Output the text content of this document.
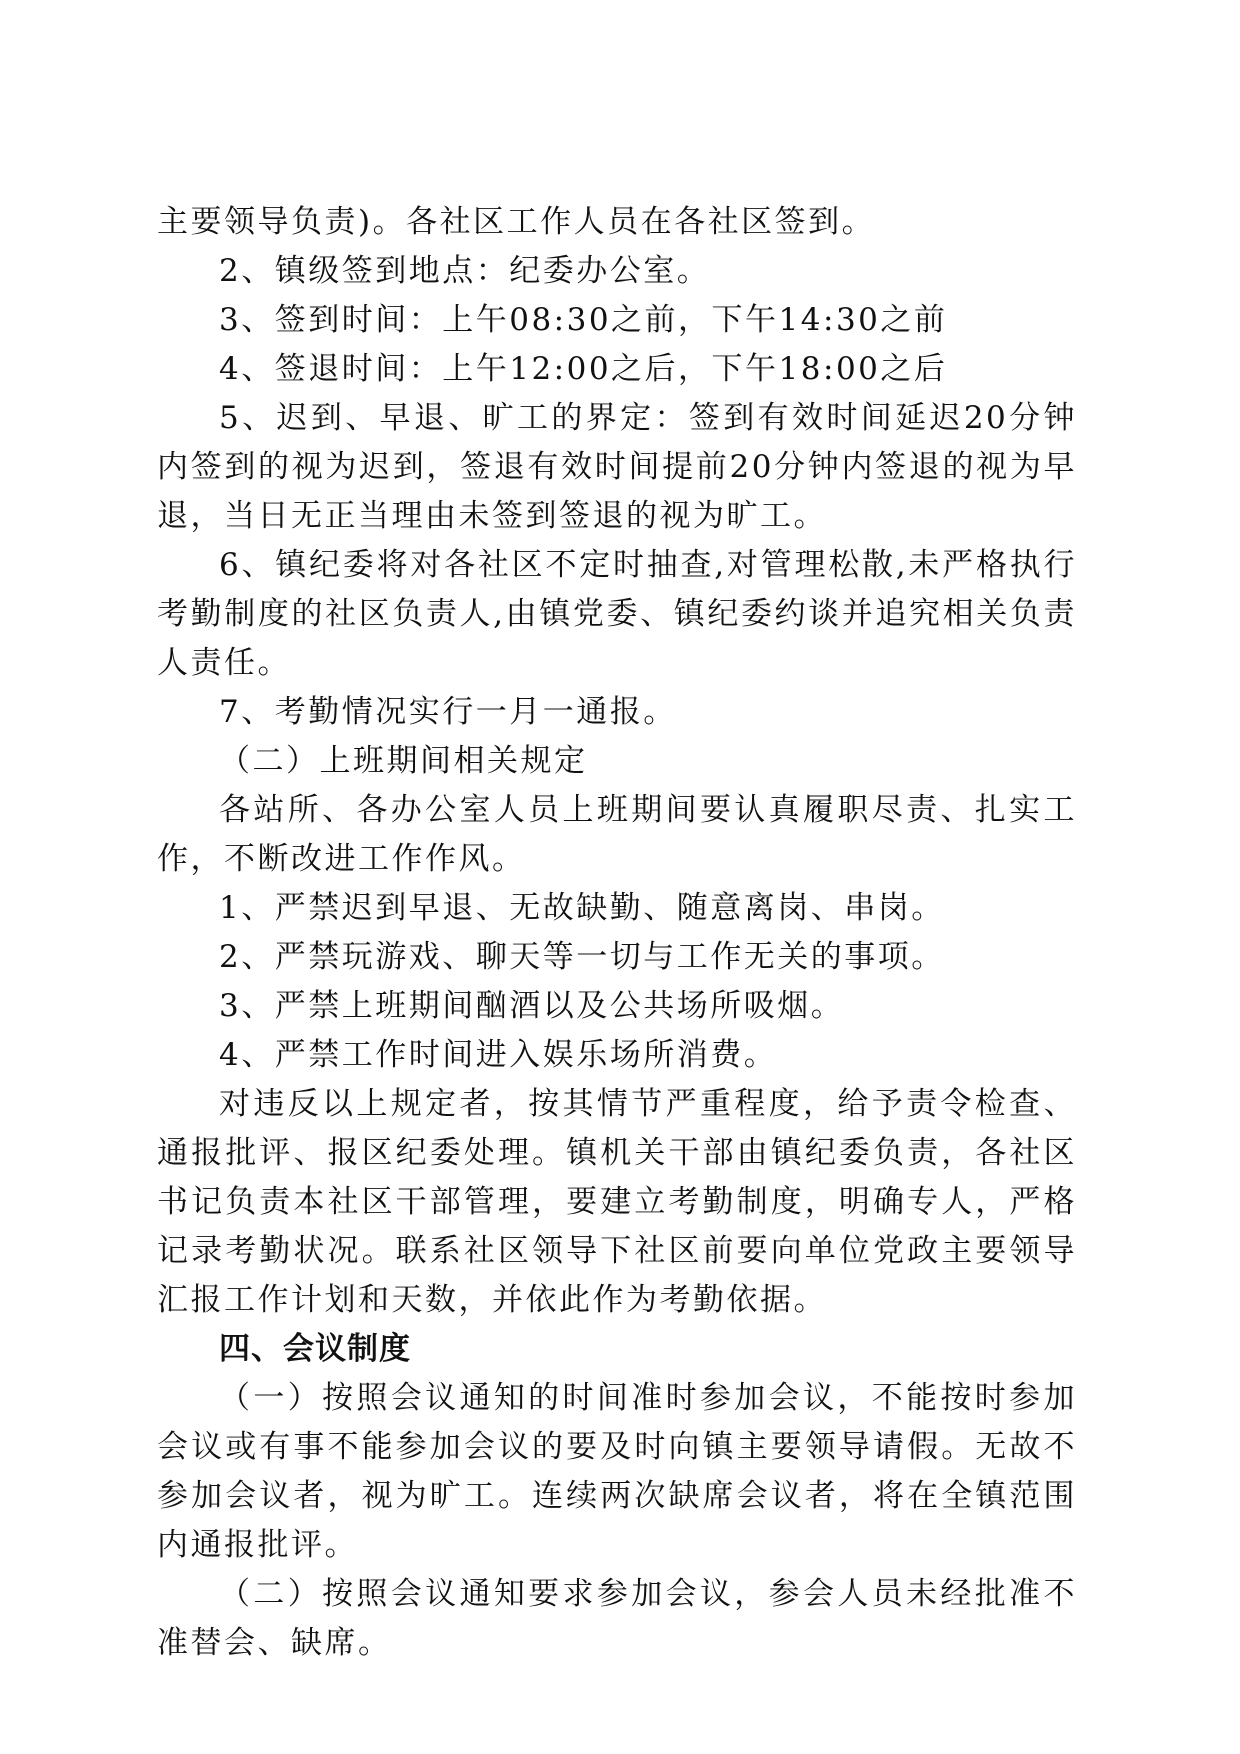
主要领导负责)。各社区工作人员在各社区签到。

2、镇级签到地点：纪委办公室。

3、签到时间：上午08:30之前，下午14:30之前

4、签退时间：上午12:00之后，下午18:00之后

5、迟到、早退、旷工的界定：签到有效时间延迟20分钟内签到的视为迟到，签退有效时间提前20分钟内签退的视为早退，当日无正当理由未签到签退的视为旷工。

6、镇纪委将对各社区不定时抽查,对管理松散,未严格执行考勤制度的社区负责人,由镇党委、镇纪委约谈并追究相关负责人责任。

7、考勤情况实行一月一通报。

（二）上班期间相关规定

各站所、各办公室人员上班期间要认真履职尽责、扎实工作，不断改进工作作风。

1、严禁迟到早退、无故缺勤、随意离岗、串岗。

2、严禁玩游戏、聊天等一切与工作无关的事项。

3、严禁上班期间酗酒以及公共场所吸烟。

4、严禁工作时间进入娱乐场所消费。

对违反以上规定者，按其情节严重程度，给予责令检查、通报批评、报区纪委处理。镇机关干部由镇纪委负责，各社区书记负责本社区干部管理，要建立考勤制度，明确专人，严格记录考勤状况。联系社区领导下社区前要向单位党政主要领导汇报工作计划和天数，并依此作为考勤依据。

四、会议制度

（一）按照会议通知的时间准时参加会议，不能按时参加会议或有事不能参加会议的要及时向镇主要领导请假。无故不参加会议者，视为旷工。连续两次缺席会议者，将在全镇范围内通报批评。

（二）按照会议通知要求参加会议，参会人员未经批准不准替会、缺席。
